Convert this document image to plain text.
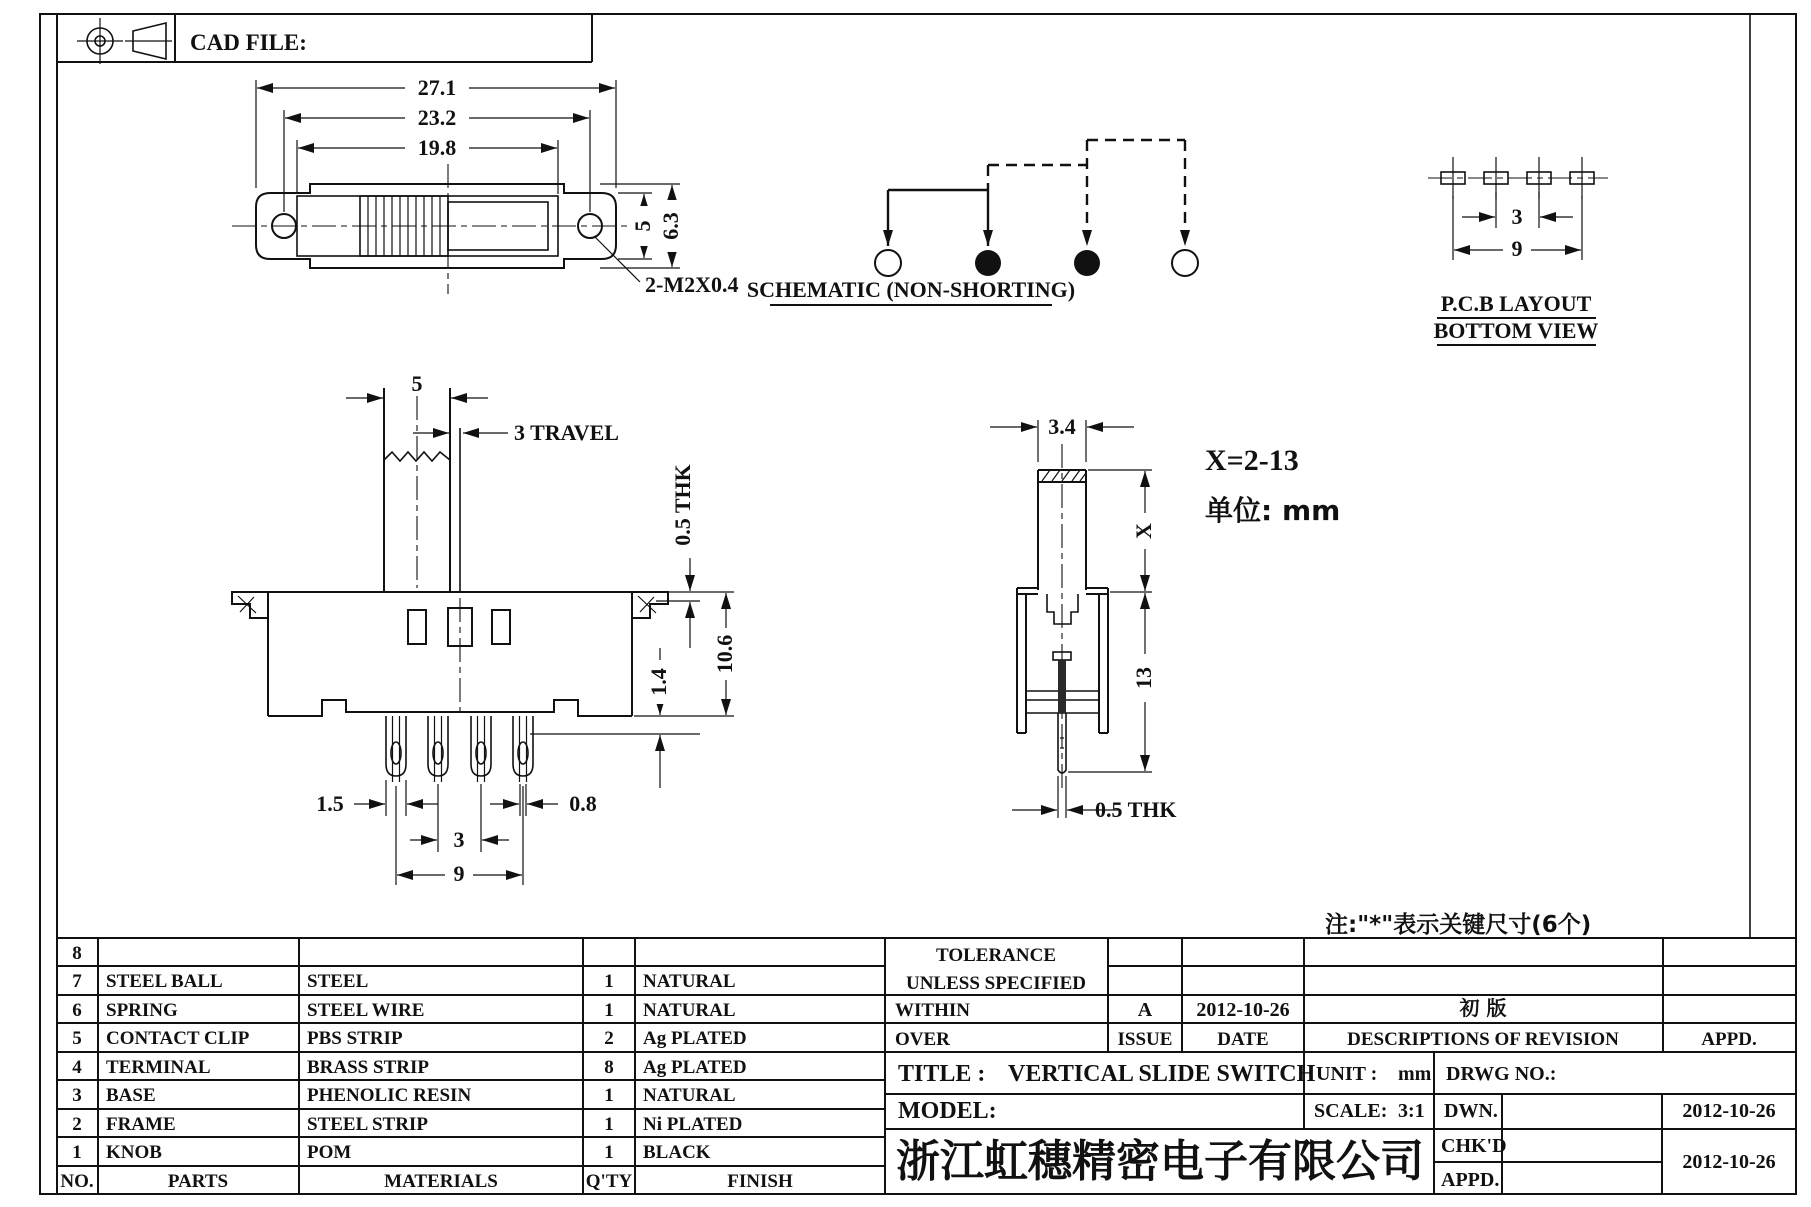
CAD FILE:
27.1
23.2
19.8
5 6.3
2-M2X0.4 SCHEMATIC (NON-SHORTING)
3
9
P.C.B LAYOUT
BOTTOM VIEW
5
3 TRAVEL
0.5 THK
10.6
1.4
1.5	0.8
3
9
3.4
X
13
0.5 THK
X=2-13
单位: mm
注:"*"表示关键尺寸(6个)
NO.	PARTS	MATERIALS	Q'TY	FINISH
8
7 STEEL BALL	STEEL	1 NATURAL
6 SPRING	STEEL WIRE	1 NATURAL
5 CONTACT CLIP	PBS STRIP	2 Ag PLATED
4 TERMINAL	BRASS STRIP	8 Ag PLATED
3 BASE	PHENOLIC RESIN	1 NATURAL
2 FRAME	STEEL STRIP	1 Ni PLATED
1 KNOB	POM	1 BLACK
TOLERANCE
UNLESS SPECIFIED
WITHIN
OVER
A 2012-10-26	初 版
ISSUE DATE	DESCRIPTIONS OF REVISION	APPD.
TITLE : VERTICAL SLIDE SWITCH UNIT : mm DRWG NO.:
MODEL:	SCALE: 3:1
浙江虹穗精密电子有限公司
DWN.	2012-10-26
CHK'D
2012-10-26
APPD.
